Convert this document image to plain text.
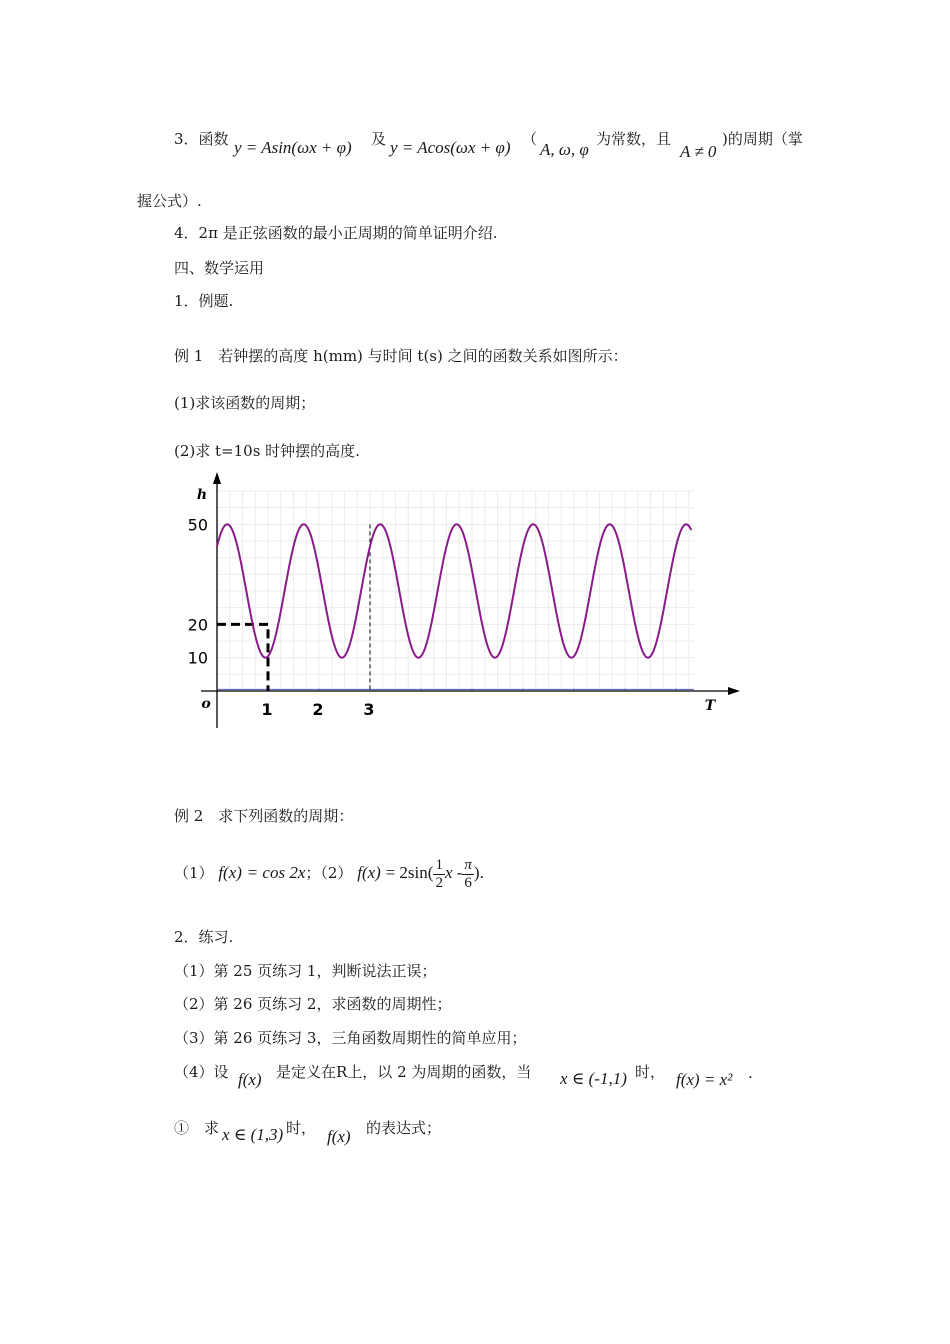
3．函数 y = Asin(ωx + φ) 及 y = Acos(ωx + φ) （
A, ω, φ
为常数，且
A ≠ 0
)的周期（掌
握公式）.
4．2π 是正弦函数的最小正周期的简单证明介绍.
四、数学运用
1．例题.
例 1　若钟摆的高度 h(mm) 与时间 t(s) 之间的函数关系如图所示：
(1)求该函数的周期；
(2)求 t=10s 时钟摆的高度.
h
T
o
10
20
50
1 2 3
例 2　求下列函数的周期：
（1） f(x) = cos 2x；（2） $f(x) = 2\sin( \frac{1}{2}$ x - $\frac{\pi}{6}$ ).
2．练习.
（1）第 25 页练习 1，判断说法正误；
（2）第 26 页练习 2，求函数的周期性；
（3）第 26 页练习 3，三角函数周期性的简单应用；
（4）设 f(x) 是定义在R上，以 2 为周期的函数，当 x ∈ (-1,1) 时， f(x) = x² .
①　求 x ∈ (1,3) 时， f(x) 的表达式；
